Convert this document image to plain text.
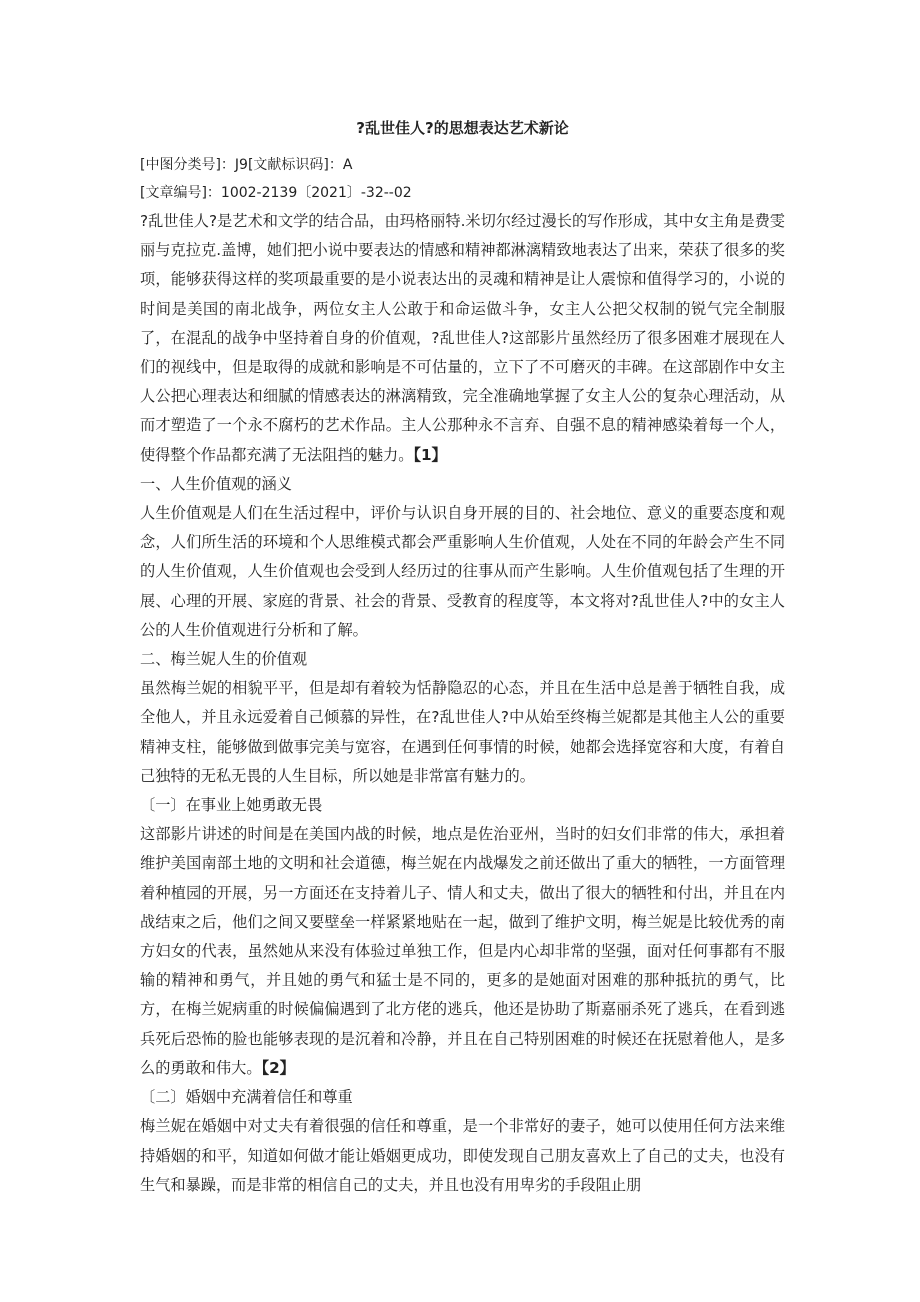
?乱世佳人?的思想表达艺术新论

[中图分类号]：J9[文献标识码]：A

[文章编号]：1002-2139〔2021〕-32--02

?乱世佳人?是艺术和文学的结合品，由玛格丽特.米切尔经过漫长的写作形成，其中女主角是费雯丽与克拉克.盖博，她们把小说中要表达的情感和精神都淋漓精致地表达了出来，荣获了很多的奖项，能够获得这样的奖项最重要的是小说表达出的灵魂和精神是让人震惊和值得学习的，小说的时间是美国的南北战争，两位女主人公敢于和命运做斗争，女主人公把父权制的锐气完全制服了，在混乱的战争中坚持着自身的价值观，?乱世佳人?这部影片虽然经历了很多困难才展现在人们的视线中，但是取得的成就和影响是不可估量的，立下了不可磨灭的丰碑。在这部剧作中女主人公把心理表达和细腻的情感表达的淋漓精致，完全准确地掌握了女主人公的复杂心理活动，从而才塑造了一个永不腐朽的艺术作品。主人公那种永不言弃、自强不息的精神感染着每一个人，使得整个作品都充满了无法阻挡的魅力。【1】

一、人生价值观的涵义

人生价值观是人们在生活过程中，评价与认识自身开展的目的、社会地位、意义的重要态度和观念，人们所生活的环境和个人思维模式都会严重影响人生价值观，人处在不同的年龄会产生不同的人生价值观，人生价值观也会受到人经历过的往事从而产生影响。人生价值观包括了生理的开展、心理的开展、家庭的背景、社会的背景、受教育的程度等，本文将对?乱世佳人?中的女主人公的人生价值观进行分析和了解。

二、梅兰妮人生的价值观

虽然梅兰妮的相貌平平，但是却有着较为恬静隐忍的心态，并且在生活中总是善于牺牲自我，成全他人，并且永远爱着自己倾慕的异性，在?乱世佳人?中从始至终梅兰妮都是其他主人公的重要精神支柱，能够做到做事完美与宽容，在遇到任何事情的时候，她都会选择宽容和大度，有着自己独特的无私无畏的人生目标，所以她是非常富有魅力的。

〔一〕在事业上她勇敢无畏

这部影片讲述的时间是在美国内战的时候，地点是佐治亚州，当时的妇女们非常的伟大，承担着维护美国南部土地的文明和社会道德，梅兰妮在内战爆发之前还做出了重大的牺牲，一方面管理着种植园的开展，另一方面还在支持着儿子、情人和丈夫，做出了很大的牺牲和付出，并且在内战结束之后，他们之间又要壁垒一样紧紧地贴在一起，做到了维护文明，梅兰妮是比较优秀的南方妇女的代表，虽然她从来没有体验过单独工作，但是内心却非常的坚强，面对任何事都有不服输的精神和勇气，并且她的勇气和猛士是不同的，更多的是她面对困难的那种抵抗的勇气，比方，在梅兰妮病重的时候偏偏遇到了北方佬的逃兵，他还是协助了斯嘉丽杀死了逃兵，在看到逃兵死后恐怖的脸也能够表现的是沉着和冷静，并且在自己特别困难的时候还在抚慰着他人，是多么的勇敢和伟大。【2】

〔二〕婚姻中充满着信任和尊重

梅兰妮在婚姻中对丈夫有着很强的信任和尊重，是一个非常好的妻子，她可以使用任何方法来维持婚姻的和平，知道如何做才能让婚姻更成功，即使发现自己朋友喜欢上了自己的丈夫，也没有生气和暴躁，而是非常的相信自己的丈夫，并且也没有用卑劣的手段阻止朋
